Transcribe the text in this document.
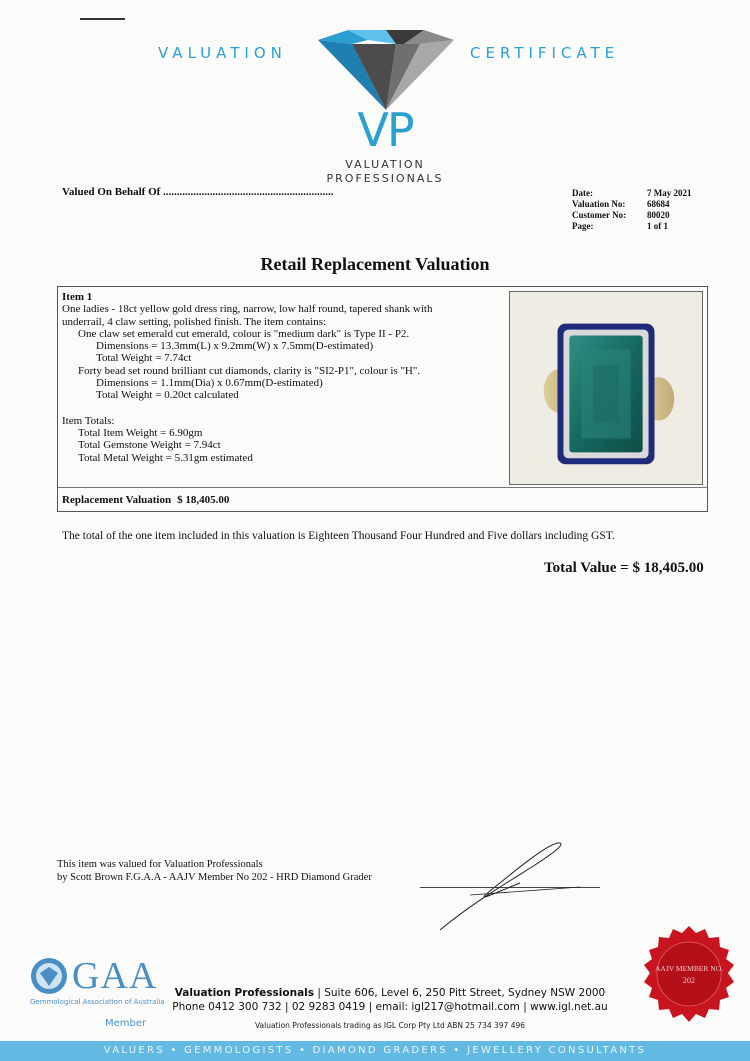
VALUATION	CERTIFICATE
VP
VALUATION
PROFESSIONALS
Valued On Behalf Of ..............................................................	Date:	7 May 2021
Valuation No:	68684
Customer No:	80020
Page:	1 of 1
Retail Replacement Valuation
Item 1
One ladies - 18ct yellow gold dress ring, narrow, low half round, tapered shank with
underrail, 4 claw setting, polished finish. The item contains:
One claw set emerald cut emerald, colour is "medium dark" is Type II - P2.
Dimensions = 13.3mm(L) x 9.2mm(W) x 7.5mm(D-estimated)
Total Weight = 7.74ct
Forty bead set round brilliant cut diamonds, clarity is "SI2-P1", colour is "H".
Dimensions = 1.1mm(Dia) x 0.67mm(D-estimated)
Total Weight = 0.20ct calculated
Item Totals:
Total Item Weight = 6.90gm
Total Gemstone Weight = 7.94ct
Total Metal Weight = 5.31gm estimated
Replacement Valuation $ 18,405.00
The total of the one item included in this valuation is Eighteen Thousand Four Hundred and Five dollars including GST.
Total Value = $ 18,405.00
This item was valued for Valuation Professionals
by Scott Brown F.G.A.A - AAJV Member No 202 - HRD Diamond Grader
GAA
Gemmological Association of Australia
Member
Valuation Professionals | Suite 606, Level 6, 250 Pitt Street, Sydney NSW 2000
Phone 0412 300 732 | 02 9283 0419 | email: igl217@hotmail.com | www.igl.net.au
Valuation Professionals trading as IGL Corp Pty Ltd ABN 25 734 397 496
AAJV MEMBER NO.
202
VALUERS • GEMMOLOGISTS • DIAMOND GRADERS • JEWELLERY CONSULTANTS
